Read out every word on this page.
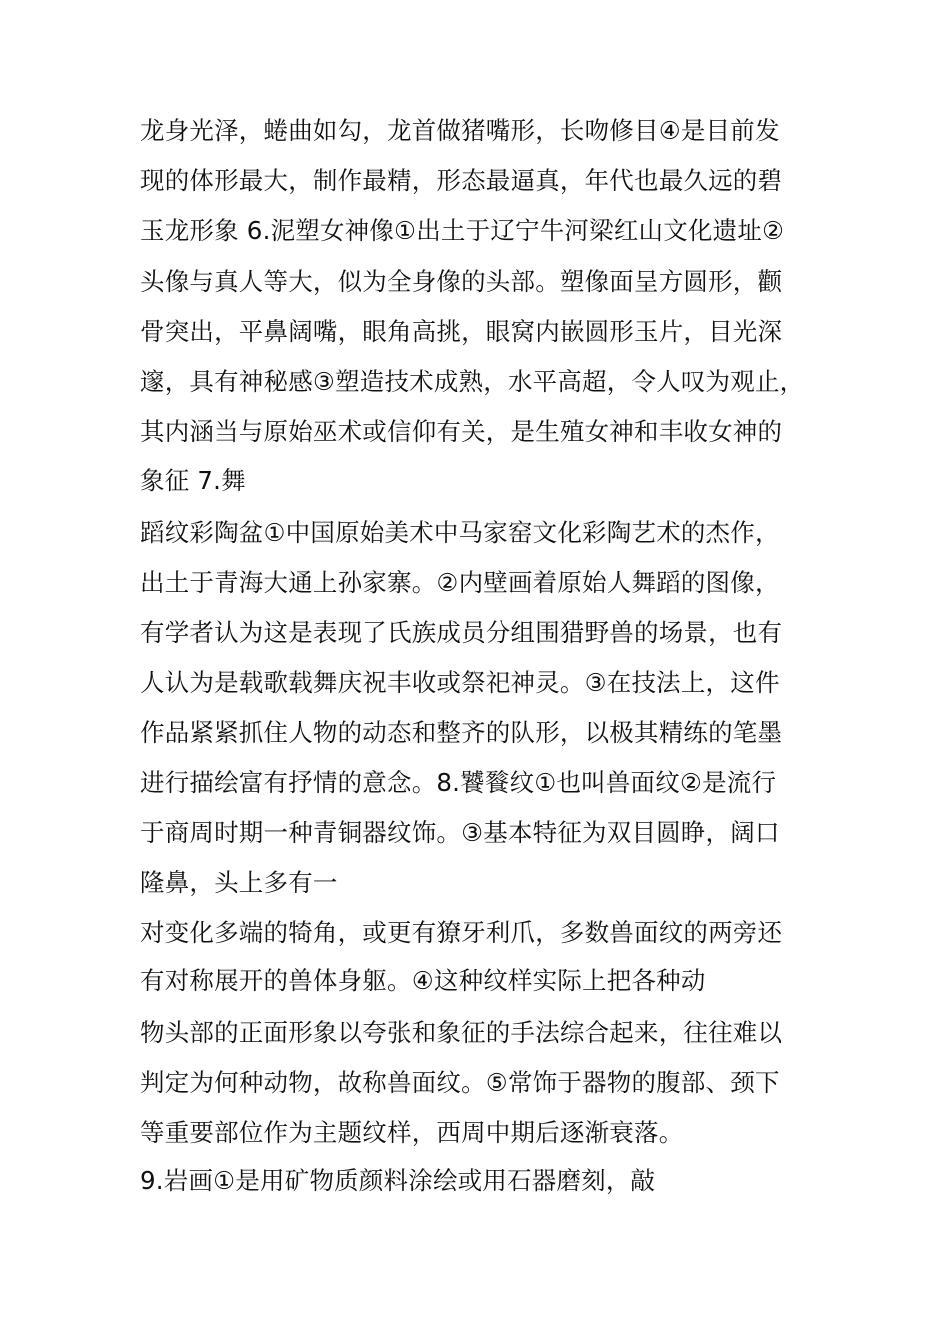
龙身光泽，蜷曲如勾，龙首做猪嘴形，长吻修目④是目前发
现的体形最大，制作最精，形态最逼真，年代也最久远的碧
玉龙形象 6.泥塑女神像①出土于辽宁牛河梁红山文化遗址②
头像与真人等大，似为全身像的头部。塑像面呈方圆形，颧
骨突出，平鼻阔嘴，眼角高挑，眼窝内嵌圆形玉片，目光深
邃，具有神秘感③塑造技术成熟，水平高超，令人叹为观止，
其内涵当与原始巫术或信仰有关，是生殖女神和丰收女神的
象征 7.舞
蹈纹彩陶盆①中国原始美术中马家窑文化彩陶艺术的杰作，
出土于青海大通上孙家寨。②内壁画着原始人舞蹈的图像，
有学者认为这是表现了氏族成员分组围猎野兽的场景，也有
人认为是载歌载舞庆祝丰收或祭祀神灵。③在技法上，这件
作品紧紧抓住人物的动态和整齐的队形，以极其精练的笔墨
进行描绘富有抒情的意念。8.饕餮纹①也叫兽面纹②是流行
于商周时期一种青铜器纹饰。③基本特征为双目圆睁，阔口
隆鼻，头上多有一
对变化多端的犄角，或更有獠牙利爪，多数兽面纹的两旁还
有对称展开的兽体身躯。④这种纹样实际上把各种动
物头部的正面形象以夸张和象征的手法综合起来，往往难以
判定为何种动物，故称兽面纹。⑤常饰于器物的腹部、颈下
等重要部位作为主题纹样，西周中期后逐渐衰落。
9.岩画①是用矿物质颜料涂绘或用石器磨刻，敲
